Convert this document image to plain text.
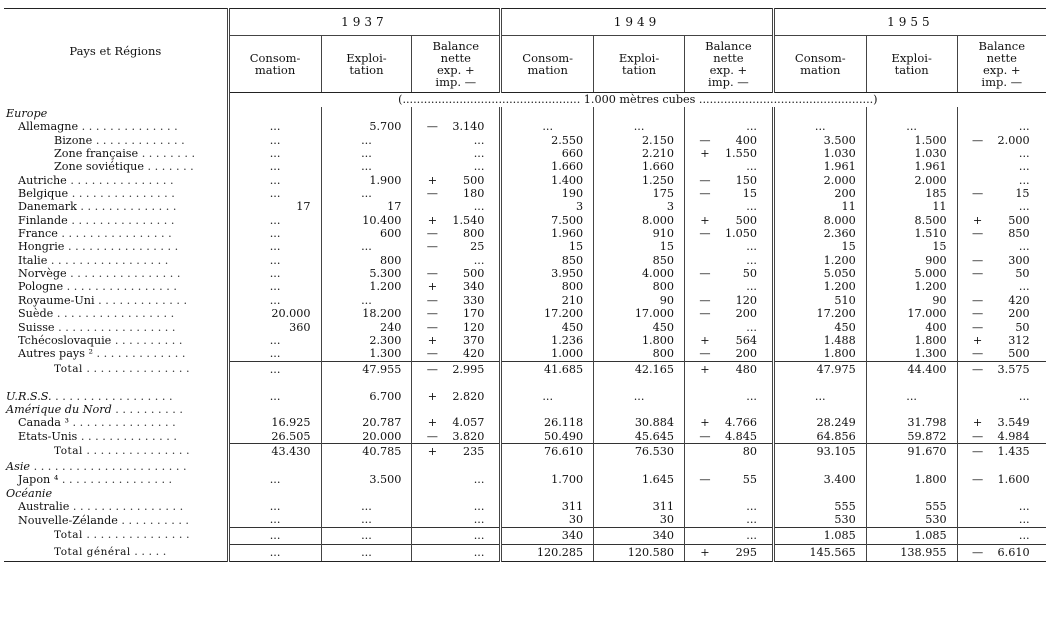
Pays et Régions	1937			1949			1955		
	Consom-
mation	Exploi-
tation	Balance
nette
exp. +
imp. —	Consom-
mation	Exploi-
tation	Balance
nette
exp. +
imp. —	Consom-
mation	Exploi-
tation	Balance
nette
exp. +
imp. —
	(.................................................. 1.000 mètres cubes .................................................)								
Europe									
Allemagne . . . . . . . . . . . . . .	...	5.700	— 3.140	...	...	...	...	...	...
Bizone . . . . . . . . . . . . .	...	...	...	2.550	2.150	— 400	3.500	1.500	— 2.000
Zone française . . . . . . . .	...	...	...	660	2.210	+ 1.550	1.030	1.030	...
Zone soviétique . . . . . . .	...	...	...	1.660	1.660	...	1.961	1.961	...
Autriche . . . . . . . . . . . . . . .	...	1.900	+ 500	1.400	1.250	— 150	2.000	2.000	...
Belgique . . . . . . . . . . . . . . .	...	...	— 180	190	175	— 15	200	185	— 15
Danemark . . . . . . . . . . . . . .	17	17	...	3	3	...	11	11	...
Finlande . . . . . . . . . . . . . . .	...	10.400	+ 1.540	7.500	8.000	+ 500	8.000	8.500	+ 500
France . . . . . . . . . . . . . . . .	...	600	— 800	1.960	910	— 1.050	2.360	1.510	— 850
Hongrie . . . . . . . . . . . . . . . .	...	...	— 25	15	15	...	15	15	...
Italie . . . . . . . . . . . . . . . . .	...	800	...	850	850	...	1.200	900	— 300
Norvège . . . . . . . . . . . . . . . .	...	5.300	— 500	3.950	4.000	— 50	5.050	5.000	— 50
Pologne . . . . . . . . . . . . . . . .	...	1.200	+ 340	800	800	...	1.200	1.200	...
Royaume-Uni . . . . . . . . . . . . .	...	...	— 330	210	90	— 120	510	90	— 420
Suède . . . . . . . . . . . . . . . . .	20.000	18.200	— 170	17.200	17.000	— 200	17.200	17.000	— 200
Suisse . . . . . . . . . . . . . . . . .	360	240	— 120	450	450	...	450	400	— 50
Tchécoslovaquie . . . . . . . . . .	...	2.300	+ 370	1.236	1.800	+ 564	1.488	1.800	+ 312
Autres pays ² . . . . . . . . . . . . .	...	1.300	— 420	1.000	800	— 200	1.800	1.300	— 500
Total . . . . . . . . . . . . . . .	...	47.955	— 2.995	41.685	42.165	+ 480	47.975	44.400	— 3.575

U.R.S.S. . . . . . . . . . . . . . . . . .	...	6.700	+ 2.820	...	...	...	...	...	...
Amérique du Nord . . . . . . . . . .									
Canada ³ . . . . . . . . . . . . . . .	16.925	20.787	+ 4.057	26.118	30.884	+ 4.766	28.249	31.798	+ 3.549
Etats-Unis . . . . . . . . . . . . . .	26.505	20.000	— 3.820	50.490	45.645	— 4.845	64.856	59.872	— 4.984
Total . . . . . . . . . . . . . . .	43.430	40.785	+ 235	76.610	76.530	80	93.105	91.670	— 1.435
Asie . . . . . . . . . . . . . . . . . . . . . .									
Japon ⁴ . . . . . . . . . . . . . . . .	...	3.500	...	1.700	1.645	— 55	3.400	1.800	— 1.600
Océanie									
Australie . . . . . . . . . . . . . . . .	...	...	...	311	311	...	555	555	...
Nouvelle-Zélande . . . . . . . . . .	...	...	...	30	30	...	530	530	...
Total . . . . . . . . . . . . . . .	...	...	...	340	340	...	1.085	1.085	...
Total général . . . . .	...	...	...	120.285	120.580	+ 295	145.565	138.955	— 6.610
